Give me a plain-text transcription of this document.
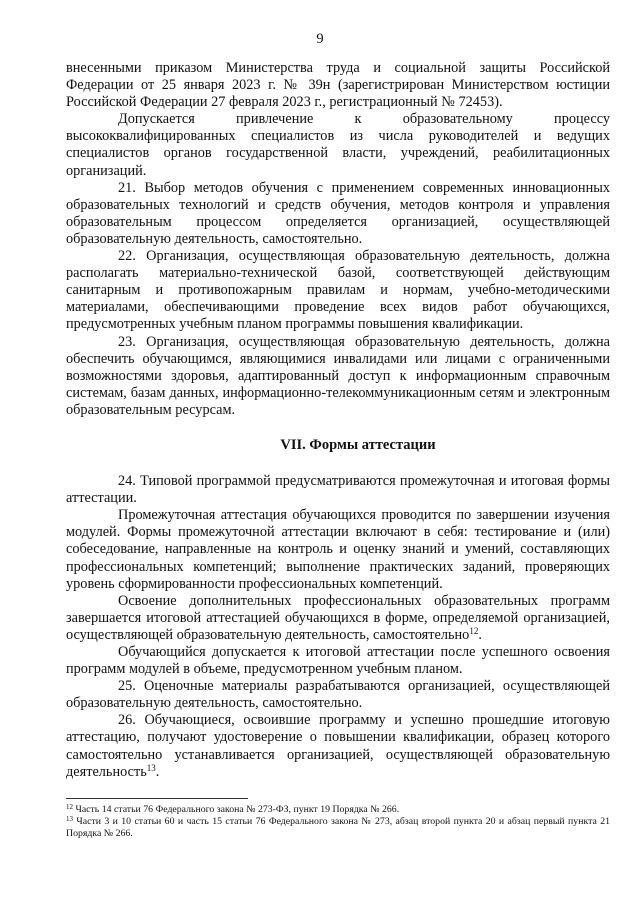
9

внесенными приказом Министерства труда и социальной защиты Российской Федерации от 25 января 2023 г. № 39н (зарегистрирован Министерством юстиции Российской Федерации 27 февраля 2023 г., регистрационный № 72453).

Допускается привлечение к образовательному процессу высококвалифицированных специалистов из числа руководителей и ведущих специалистов органов государственной власти, учреждений, реабилитационных организаций.

21. Выбор методов обучения с применением современных инновационных образовательных технологий и средств обучения, методов контроля и управления образовательным процессом определяется организацией, осуществляющей образовательную деятельность, самостоятельно.

22. Организация, осуществляющая образовательную деятельность, должна располагать материально-технической базой, соответствующей действующим санитарным и противопожарным правилам и нормам, учебно-методическими материалами, обеспечивающими проведение всех видов работ обучающихся, предусмотренных учебным планом программы повышения квалификации.

23. Организация, осуществляющая образовательную деятельность, должна обеспечить обучающимся, являющимися инвалидами или лицами с ограниченными возможностями здоровья, адаптированный доступ к информационным справочным системам, базам данных, информационно-телекоммуникационным сетям и электронным образовательным ресурсам.

VII. Формы аттестации

24. Типовой программой предусматриваются промежуточная и итоговая формы аттестации.

Промежуточная аттестация обучающихся проводится по завершении изучения модулей. Формы промежуточной аттестации включают в себя: тестирование и (или) собеседование, направленные на контроль и оценку знаний и умений, составляющих профессиональных компетенций; выполнение практических заданий, проверяющих уровень сформированности профессиональных компетенций.

Освоение дополнительных профессиональных образовательных программ завершается итоговой аттестацией обучающихся в форме, определяемой организацией, осуществляющей образовательную деятельность, самостоятельно$^{12}$.

Обучающийся допускается к итоговой аттестации после успешного освоения программ модулей в объеме, предусмотренном учебным планом.

25. Оценочные материалы разрабатываются организацией, осуществляющей образовательную деятельность, самостоятельно.

26. Обучающиеся, освоившие программу и успешно прошедшие итоговую аттестацию, получают удостоверение о повышении квалификации, образец которого самостоятельно устанавливается организацией, осуществляющей образовательную деятельность$^{13}$.

$^{12}$ Часть 14 статьи 76 Федерального закона № 273-ФЗ, пункт 19 Порядка № 266.

$^{13}$ Части 3 и 10 статьи 60 и часть 15 статьи 76 Федерального закона № 273, абзац второй пункта 20 и абзац первый пункта 21 Порядка № 266.
